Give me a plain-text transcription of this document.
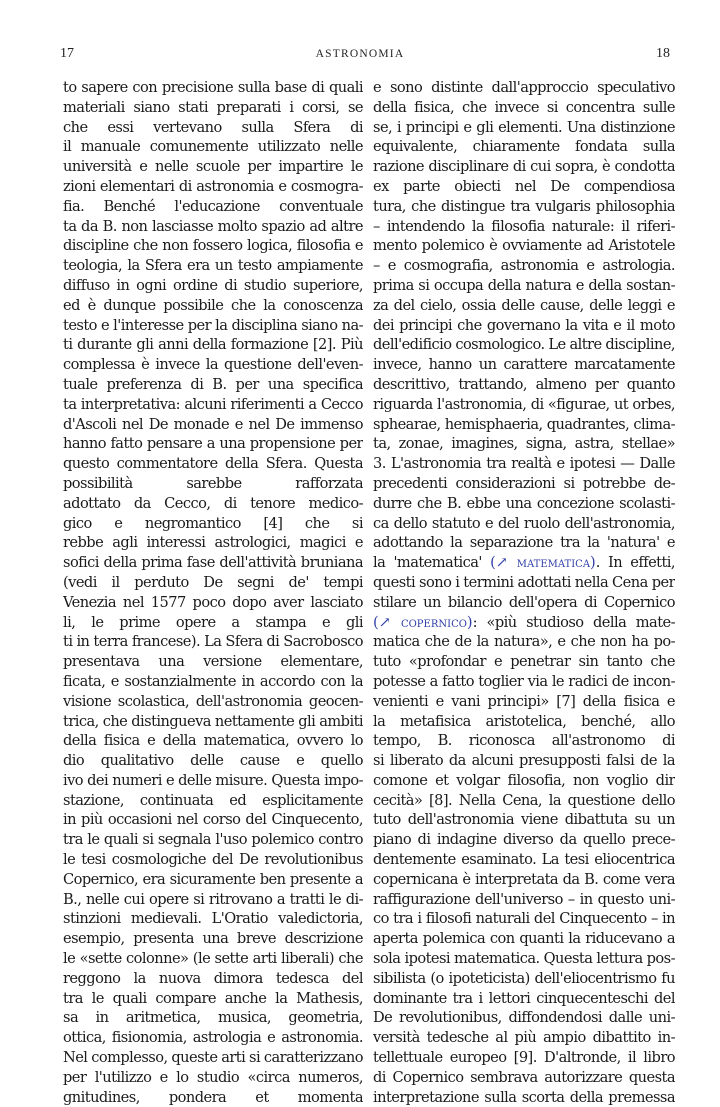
17	ASTRONOMIA	18
to sapere con precisione sulla base di quali
materiali siano stati preparati i corsi, se
che essi vertevano sulla Sfera di
il manuale comunemente utilizzato nelle
università e nelle scuole per impartire le
zioni elementari di astronomia e cosmogra-
fia. Benché l'educazione conventuale
ta da B. non lasciasse molto spazio ad altre
discipline che non fossero logica, filosofia e
teologia, la Sfera era un testo ampiamente
diffuso in ogni ordine di studio superiore,
ed è dunque possibile che la conoscenza
testo e l'interesse per la disciplina siano na-
ti durante gli anni della formazione [2]. Più
complessa è invece la questione dell'even-
tuale preferenza di B. per una specifica
ta interpretativa: alcuni riferimenti a Cecco
d'Ascoli nel De monade e nel De immenso
hanno fatto pensare a una propensione per
questo commentatore della Sfera. Questa
possibilità sarebbe rafforzata
adottato da Cecco, di tenore medico-
gico e negromantico [4] che si
rebbe agli interessi astrologici, magici e
sofici della prima fase dell'attività bruniana
(vedi il perduto De segni de' tempi
Venezia nel 1577 poco dopo aver lasciato
li, le prime opere a stampa e gli
ti in terra francese). La Sfera di Sacrobosco
presentava una versione elementare,
ficata, e sostanzialmente in accordo con la
visione scolastica, dell'astronomia geocen-
trica, che distingueva nettamente gli ambiti
della fisica e della matematica, ovvero lo
dio qualitativo delle cause e quello
ivo dei numeri e delle misure. Questa impo-
stazione, continuata ed esplicitamente
in più occasioni nel corso del Cinquecento,
tra le quali si segnala l'uso polemico contro
le tesi cosmologiche del De revolutionibus
Copernico, era sicuramente ben presente a
B., nelle cui opere si ritrovano a tratti le di-
stinzioni medievali. L'Oratio valedictoria,
esempio, presenta una breve descrizione
le «sette colonne» (le sette arti liberali) che
reggono la nuova dimora tedesca del
tra le quali compare anche la Mathesis,
sa in aritmetica, musica, geometria,
ottica, fisionomia, astrologia e astronomia.
Nel complesso, queste arti si caratterizzano
per l'utilizzo e lo studio «circa numeros,
gnitudines, pondera et momenta
e sono distinte dall'approccio speculativo
della fisica, che invece si concentra sulle
se, i principi e gli elementi. Una distinzione
equivalente, chiaramente fondata sulla
razione disciplinare di cui sopra, è condotta
ex parte obiecti nel De compendiosa
tura, che distingue tra vulgaris philosophia
– intendendo la filosofia naturale: il riferi-
mento polemico è ovviamente ad Aristotele
– e cosmografia, astronomia e astrologia.
prima si occupa della natura e della sostan-
za del cielo, ossia delle cause, delle leggi e
dei principi che governano la vita e il moto
dell'edificio cosmologico. Le altre discipline,
invece, hanno un carattere marcatamente
descrittivo, trattando, almeno per quanto
riguarda l'astronomia, di «figurae, ut orbes,
sphearae, hemisphaeria, quadrantes, clima-
ta, zonae, imagines, signa, astra, stellae»
3. L'astronomia tra realtà e ipotesi — Dalle
precedenti considerazioni si potrebbe de-
durre che B. ebbe una concezione scolasti-
ca dello statuto e del ruolo dell'astronomia,
adottando la separazione tra la 'natura' e
la 'matematica' (↗ matematica). In effetti,
questi sono i termini adottati nella Cena per
stilare un bilancio dell'opera di Copernico
(↗ copernico): «più studioso della mate-
matica che de la natura», e che non ha po-
tuto «profondar e penetrar sin tanto che
potesse a fatto toglier via le radici de incon-
venienti e vani principi» [7] della fisica e
la metafisica aristotelica, benché, allo
tempo, B. riconosca all'astronomo di
si liberato da alcuni presupposti falsi de la
comone et volgar filosofia, non voglio dir
cecità» [8]. Nella Cena, la questione dello
tuto dell'astronomia viene dibattuta su un
piano di indagine diverso da quello prece-
dentemente esaminato. La tesi eliocentrica
copernicana è interpretata da B. come vera
raffigurazione dell'universo – in questo uni-
co tra i filosofi naturali del Cinquecento – in
aperta polemica con quanti la riducevano a
sola ipotesi matematica. Questa lettura pos-
sibilista (o ipoteticista) dell'eliocentrismo fu
dominante tra i lettori cinquecenteschi del
De revolutionibus, diffondendosi dalle uni-
versità tedesche al più ampio dibattito in-
tellettuale europeo [9]. D'altronde, il libro
di Copernico sembrava autorizzare questa
interpretazione sulla scorta della premessa
